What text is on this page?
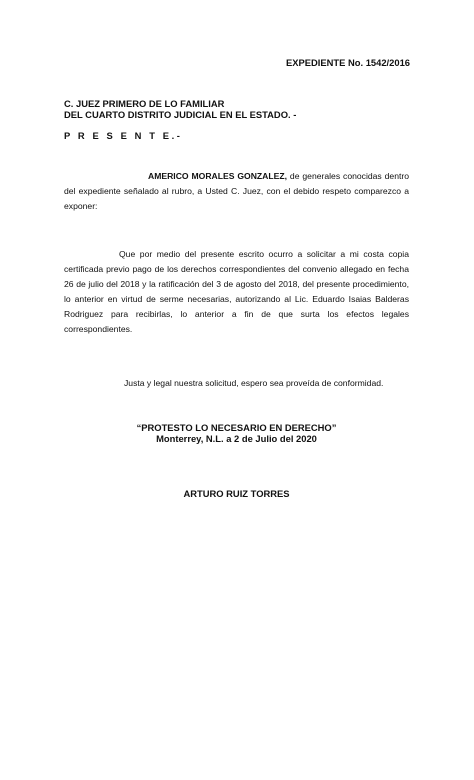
EXPEDIENTE No. 1542/2016
C. JUEZ PRIMERO DE LO FAMILIAR
DEL CUARTO DISTRITO JUDICIAL EN EL ESTADO. -
P R E S E N T E.-
AMERICO MORALES GONZALEZ, de generales conocidas dentro del expediente señalado al rubro, a Usted C. Juez, con el debido respeto comparezco a exponer:
Que por medio del presente escrito ocurro a solicitar a mi costa copia certificada previo pago de los derechos correspondientes del convenio allegado en fecha 26 de julio del 2018 y la ratificación del 3 de agosto del 2018, del presente procedimiento, lo anterior en virtud de serme necesarias, autorizando al Lic. Eduardo Isaias Balderas Rodriguez para recibirlas, lo anterior a fin de que surta los efectos legales correspondientes.
Justa y legal nuestra solicitud, espero sea proveída de conformidad.
“PROTESTO LO NECESARIO EN DERECHO”
Monterrey, N.L. a 2 de Julio del 2020
ARTURO RUIZ TORRES
